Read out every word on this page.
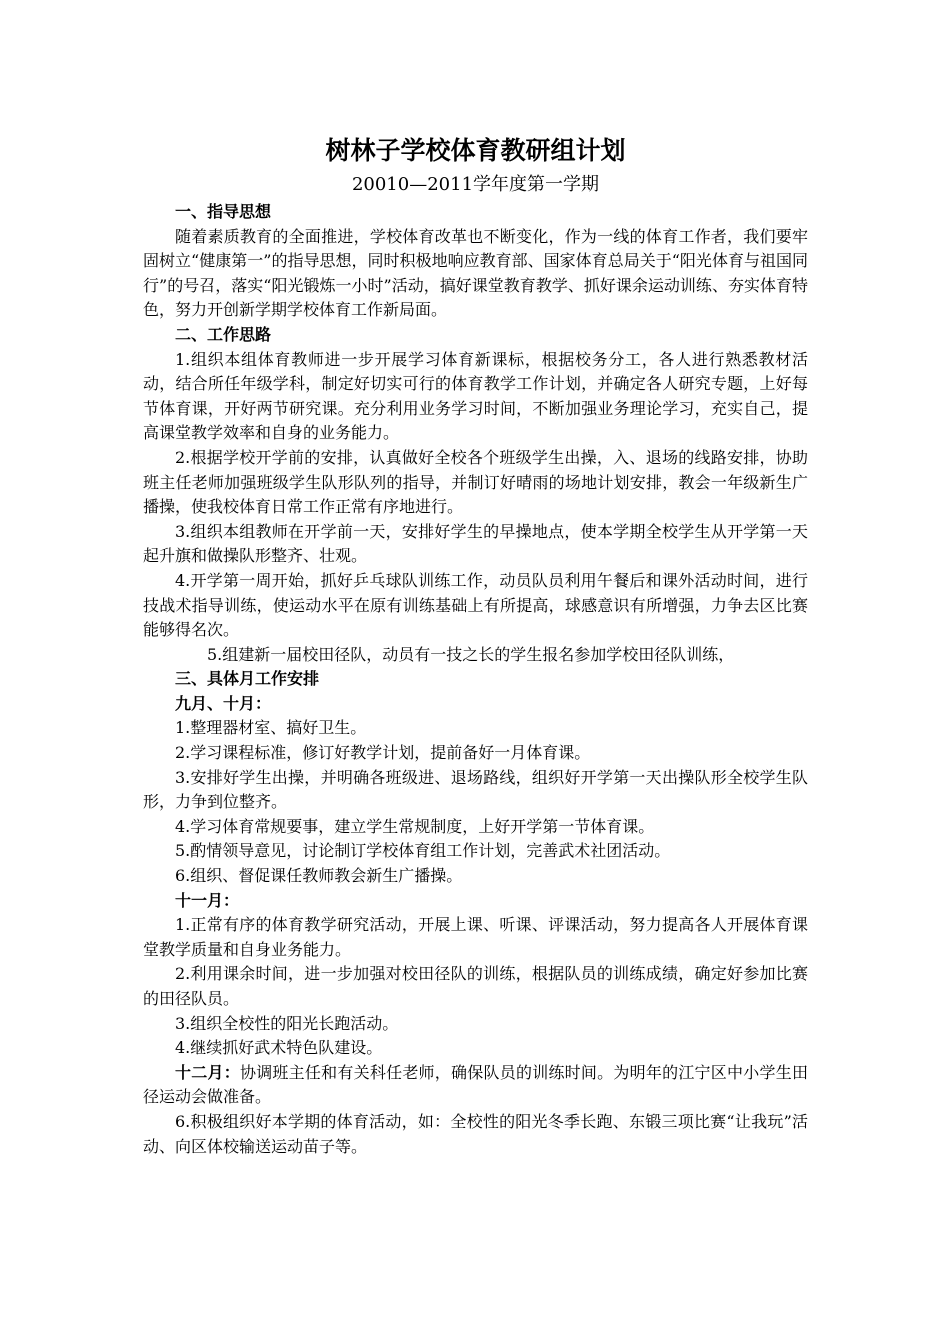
树林子学校体育教研组计划
20010—2011学年度第一学期

一、指导思想

随着素质教育的全面推进，学校体育改革也不断变化，作为一线的体育工作者，我们要牢固树立“健康第一”的指导思想，同时积极地响应教育部、国家体育总局关于“阳光体育与祖国同行”的号召，落实“阳光锻炼一小时”活动，搞好课堂教育教学、抓好课余运动训练、夯实体育特色，努力开创新学期学校体育工作新局面。

二、工作思路

1.组织本组体育教师进一步开展学习体育新课标，根据校务分工，各人进行熟悉教材活动，结合所任年级学科，制定好切实可行的体育教学工作计划，并确定各人研究专题，上好每节体育课，开好两节研究课。充分利用业务学习时间，不断加强业务理论学习，充实自己，提高课堂教学效率和自身的业务能力。

2.根据学校开学前的安排，认真做好全校各个班级学生出操，入、退场的线路安排，协助班主任老师加强班级学生队形队列的指导，并制订好晴雨的场地计划安排，教会一年级新生广播操，使我校体育日常工作正常有序地进行。

3.组织本组教师在开学前一天，安排好学生的早操地点，使本学期全校学生从开学第一天起升旗和做操队形整齐、壮观。

4.开学第一周开始，抓好乒乓球队训练工作，动员队员利用午餐后和课外活动时间，进行技战术指导训练，使运动水平在原有训练基础上有所提高，球感意识有所增强，力争去区比赛能够得名次。

5.组建新一届校田径队，动员有一技之长的学生报名参加学校田径队训练，

三、具体月工作安排

九月、十月：

1.整理器材室、搞好卫生。

2.学习课程标准，修订好教学计划，提前备好一月体育课。

3.安排好学生出操，并明确各班级进、退场路线，组织好开学第一天出操队形全校学生队形，力争到位整齐。

4.学习体育常规要事，建立学生常规制度，上好开学第一节体育课。

5.酌情领导意见，讨论制订学校体育组工作计划，完善武术社团活动。

6.组织、督促课任教师教会新生广播操。

十一月：

1.正常有序的体育教学研究活动，开展上课、听课、评课活动，努力提高各人开展体育课堂教学质量和自身业务能力。

2.利用课余时间，进一步加强对校田径队的训练，根据队员的训练成绩，确定好参加比赛的田径队员。

3.组织全校性的阳光长跑活动。

4.继续抓好武术特色队建设。

十二月：协调班主任和有关科任老师，确保队员的训练时间。为明年的江宁区中小学生田径运动会做准备。

6.积极组织好本学期的体育活动，如：全校性的阳光冬季长跑、东锻三项比赛“让我玩”活动、向区体校输送运动苗子等。
